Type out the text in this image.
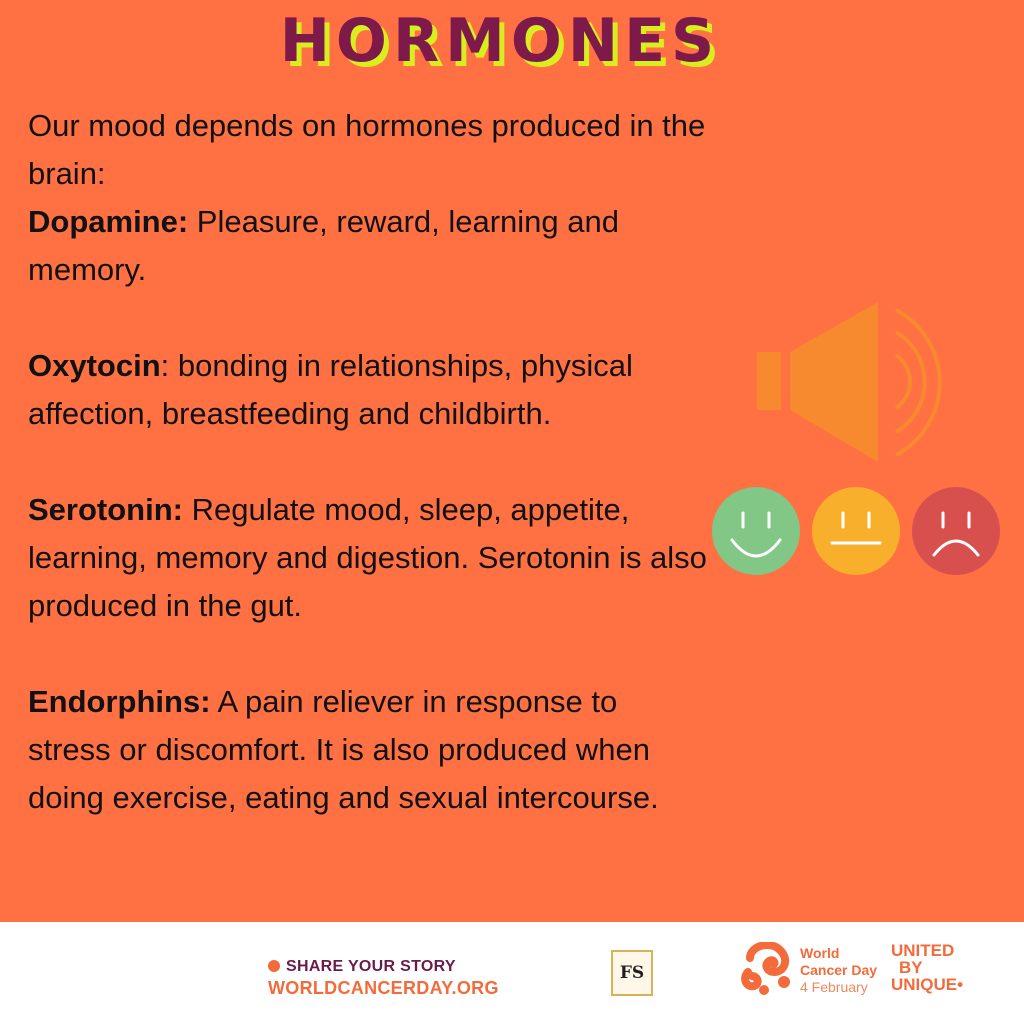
HORMONES

Our mood depends on hormones produced in the brain:

Dopamine: Pleasure, reward, learning and memory.

Oxytocin: bonding in relationships, physical affection, breastfeeding and childbirth.

Serotonin: Regulate mood, sleep, appetite, learning, memory and digestion. Serotonin is also produced in the gut.

Endorphins: A pain reliever in response to stress or discomfort. It is also produced when doing exercise, eating and sexual intercourse.

SHARE YOUR STORY
WORLDCANCERDAY.ORG
FS
World
Cancer Day
4 February
UNITED
BY
UNIQUE•
